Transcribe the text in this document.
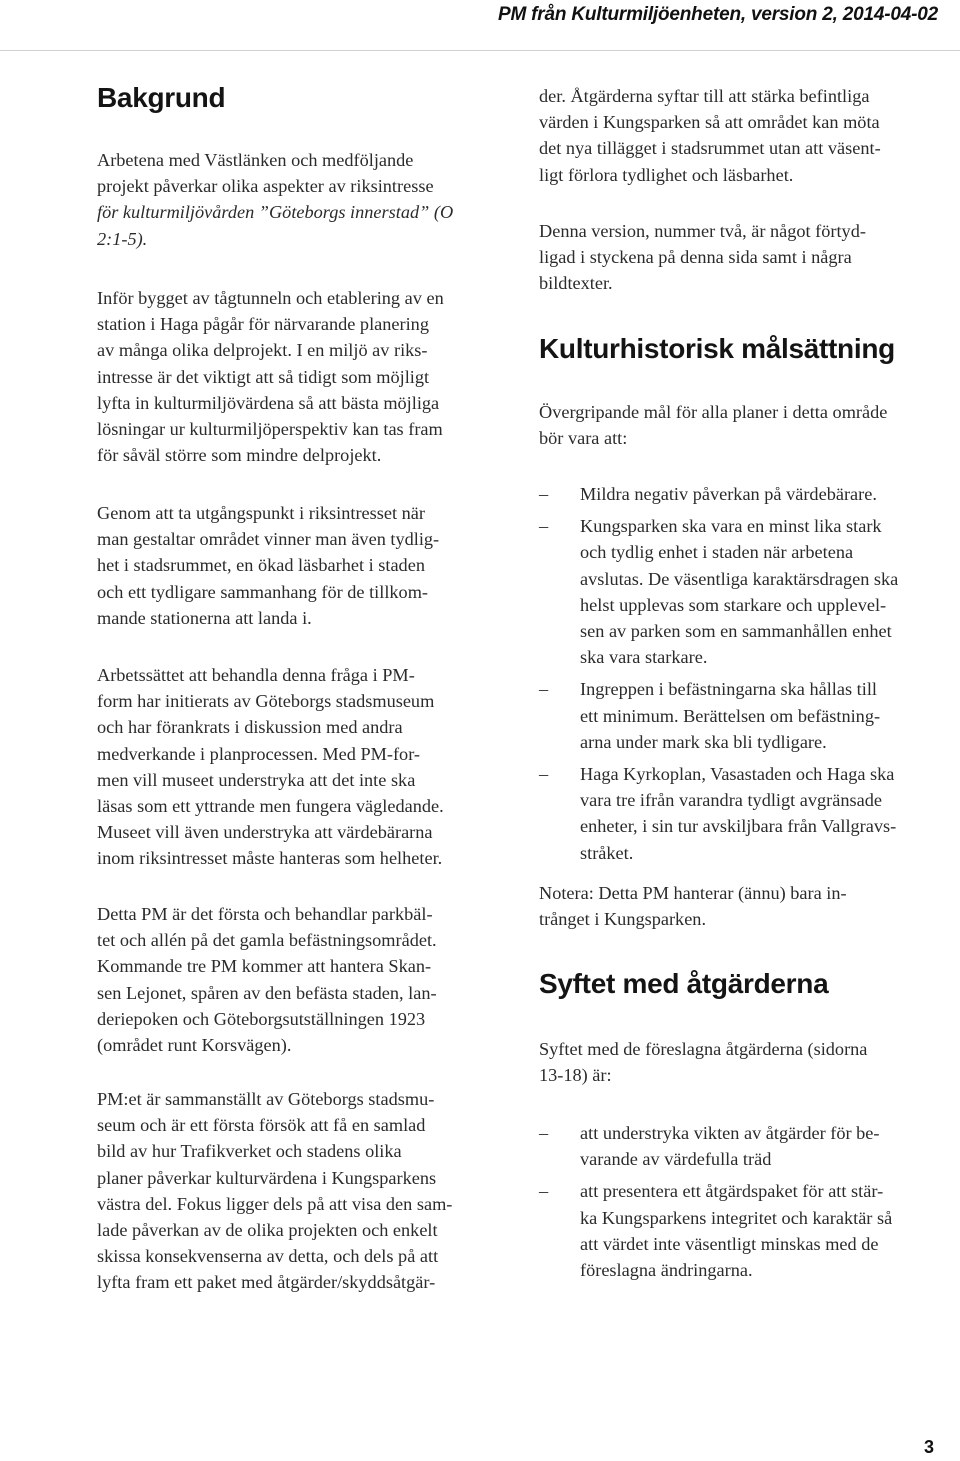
PM från Kulturmiljöenheten, version 2, 2014-04-02
Bakgrund

Arbetena med Västlänken och medföljande
projekt påverkar olika aspekter av riksintresse
för kulturmiljövården ”Göteborgs innerstad” (O
2:1-5).

Inför bygget av tågtunneln och etablering av en
station i Haga pågår för närvarande planering
av många olika delprojekt. I en miljö av riks-
intresse är det viktigt att så tidigt som möjligt
lyfta in kulturmiljövärdena så att bästa möjliga
lösningar ur kulturmiljöperspektiv kan tas fram
för såväl större som mindre delprojekt.

Genom att ta utgångspunkt i riksintresset när
man gestaltar området vinner man även tydlig-
het i stadsrummet, en ökad läsbarhet i staden
och ett tydligare sammanhang för de tillkom-
mande stationerna att landa i.

Arbetssättet att behandla denna fråga i PM-
form har initierats av Göteborgs stadsmuseum
och har förankrats i diskussion med andra
medverkande i planprocessen. Med PM-for-
men vill museet understryka att det inte ska
läsas som ett yttrande men fungera vägledande.
Museet vill även understryka att värdebärarna
inom riksintresset måste hanteras som helheter.

Detta PM är det första och behandlar parkbäl-
tet och allén på det gamla befästningsområdet.
Kommande tre PM kommer att hantera Skan-
sen Lejonet, spåren av den befästa staden, lan-
deriepoken och Göteborgsutställningen 1923
(området runt Korsvägen).

PM:et är sammanställt av Göteborgs stadsmu-
seum och är ett första försök att få en samlad
bild av hur Trafikverket och stadens olika
planer påverkar kulturvärdena i Kungsparkens
västra del. Fokus ligger dels på att visa den sam-
lade påverkan av de olika projekten och enkelt
skissa konsekvenserna av detta, och dels på att
lyfta fram ett paket med åtgärder/skyddsåtgär-

der. Åtgärderna syftar till att stärka befintliga
värden i Kungsparken så att området kan möta
det nya tillägget i stadsrummet utan att väsent-
ligt förlora tydlighet och läsbarhet.

Denna version, nummer två, är något förtyd-
ligad i styckena på denna sida samt i några
bildtexter.

Kulturhistorisk målsättning

Övergripande mål för alla planer i detta område
bör vara att:

– Mildra negativ påverkan på värdebärare.
– Kungsparken ska vara en minst lika stark
och tydlig enhet i staden när arbetena
avslutas. De väsentliga karaktärsdragen ska
helst upplevas som starkare och upplevel-
sen av parken som en sammanhållen enhet
ska vara starkare.
– Ingreppen i befästningarna ska hållas till
ett minimum. Berättelsen om befästning-
arna under mark ska bli tydligare.
– Haga Kyrkoplan, Vasastaden och Haga ska
vara tre ifrån varandra tydligt avgränsade
enheter, i sin tur avskiljbara från Vallgravs-
stråket.

Notera: Detta PM hanterar (ännu) bara in-
trånget i Kungsparken.

Syftet med åtgärderna

Syftet med de föreslagna åtgärderna (sidorna
13-18) är:

– att understryka vikten av åtgärder för be-
varande av värdefulla träd
– att presentera ett åtgärdspaket för att stär-
ka Kungsparkens integritet och karaktär så
att värdet inte väsentligt minskas med de
föreslagna ändringarna.
3
